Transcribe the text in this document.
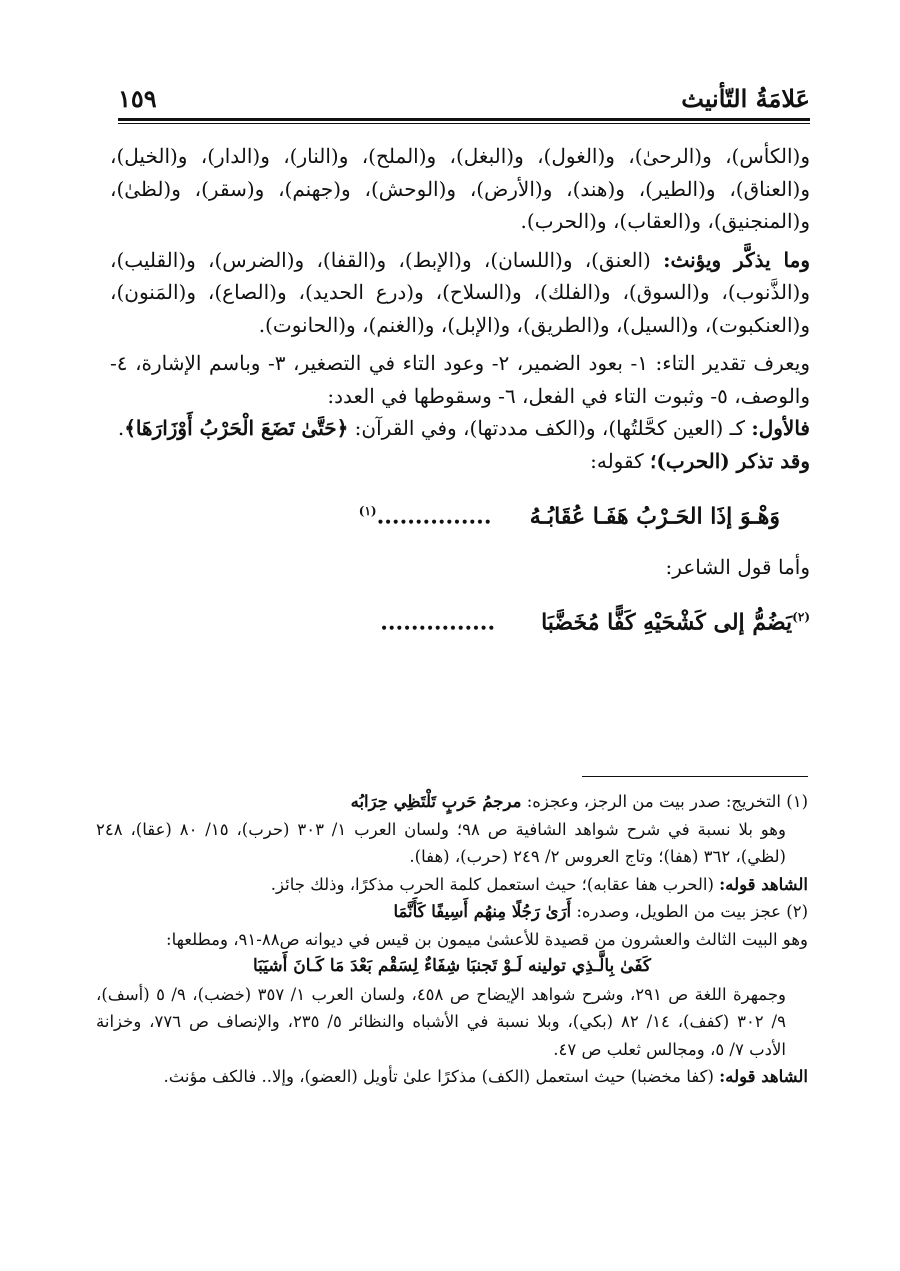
عَلامَةُ التّأنيث
١٥٩

و(الكأس)، و(الرحىٰ)، و(الغول)، و(البغل)، و(الملح)، و(النار)، و(الدار)، و(الخيل)، و(العناق)، و(الطير)، و(هند)، و(الأرض)، و(الوحش)، و(جهنم)، و(سقر)، و(لظىٰ)، و(المنجنيق)، و(العقاب)، و(الحرب).

وما يذكَّر ويؤنث: (العنق)، و(اللسان)، و(الإبط)، و(القفا)، و(الضرس)، و(القليب)، و(الذَّنوب)، و(السوق)، و(الفلك)، و(السلاح)، و(درع الحديد)، و(الصاع)، و(المَنون)، و(العنكبوت)، و(السيل)، و(الطريق)، و(الإبل)، و(الغنم)، و(الحانوت).

ويعرف تقدير التاء: ١- بعود الضمير، ٢- وعود التاء في التصغير، ٣- وباسم الإشارة، ٤-والوصف، ٥- وثبوت التاء في الفعل، ٦- وسقوطها في العدد:

فالأول: كـ (العين كحَّلتُها)، و(الكف مددتها)، وفي القرآن: ﴿حَتَّىٰ تَضَعَ الْحَرْبُ أَوْزَارَهَا﴾.

وقد تذكر (الحرب)؛ كقوله:

وَهْـوَ إذَا الحَـرْبُ هَفَـا عُقَابُـهُ     ...............$^{(١)}$

وأما قول الشاعر:

$^{(٢)}$يَضُمُّ إلى كَشْحَيْهِ كَفًّا مُخَضَّبَا      ...............

(١) التخريج: صدر بيت من الرجز، وعجزه: مرجمُ حَربٍ تَلْتَظِي حِرَابُه

وهو بلا نسبة في شرح شواهد الشافية ص ٩٨؛ ولسان العرب ١/ ٣٠٣ (حرب)، ١٥/ ٨٠ (عقا)، ٢٤٨ (لظي)، ٣٦٢ (هفا)؛ وتاج العروس ٢/ ٢٤٩ (حرب)، (هفا).

الشاهد قوله: (الحرب هفا عقابه)؛ حيث استعمل كلمة الحرب مذكرًا، وذلك جائز.

(٢) عجز بيت من الطويل، وصدره: أَرَىٰ رَجُلًا مِنهُم أَسِيفًا كَأَنَّمَا

وهو البيت الثالث والعشرون من قصيدة للأعشىٰ ميمون بن قيس في ديوانه ص٨٨-٩١، ومطلعها:

كَفَىٰ بِالَّـذِي تولينه لَـوْ تَجنبَا شِفَاءٌ لِسَقْم بَعْدَ مَا كَـانَ أَشيَبَا

وجمهرة اللغة ص ٢٩١، وشرح شواهد الإيضاح ص ٤٥٨، ولسان العرب ١/ ٣٥٧ (خضب)، ٩/ ٥ (أسف)، ٩/ ٣٠٢ (كفف)، ١٤/ ٨٢ (بكي)، وبلا نسبة في الأشباه والنظائر ٥/ ٢٣٥، والإنصاف ص ٧٧٦، وخزانة الأدب ٧/ ٥، ومجالس ثعلب ص ٤٧.

الشاهد قوله: (كفا مخضبا) حيث استعمل (الكف) مذكرًا علىٰ تأويل (العضو)، وإلا.. فالكف مؤنث.
